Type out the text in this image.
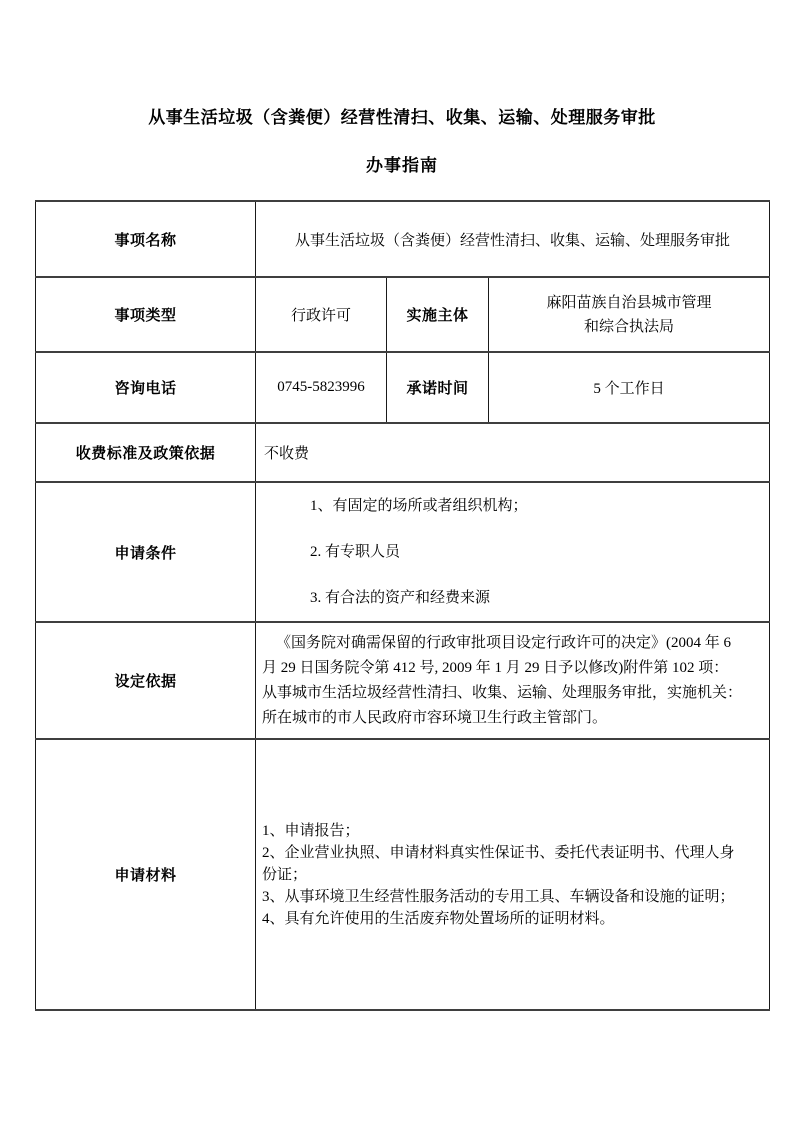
从事生活垃圾（含粪便）经营性清扫、收集、运输、处理服务审批
办事指南
事项名称	从事生活垃圾（含粪便）经营性清扫、收集、运输、处理服务审批		
事项类型	行政许可	实施主体	麻阳苗族自治县城市管理
和综合执法局

咨询电话	0745-5823996	承诺时间	5 个工作日
收费标准及政策依据	不收费		
申请条件	1、有固定的场所或者组织机构；
2. 有专职人员
3. 有合法的资产和经费来源		

设定依据	《国务院对确需保留的行政审批项目设定行政许可的决定》(2004 年 6
月 29 日国务院令第 412 号, 2009 年 1 月 29 日予以修改)附件第 102 项：
从事城市生活垃圾经营性清扫、收集、运输、处理服务审批，实施机关：
所在城市的市人民政府市容环境卫生行政主管部门。		

申请材料	1、申请报告；
2、企业营业执照、申请材料真实性保证书、委托代表证明书、代理人身
份证；
3、从事环境卫生经营性服务活动的专用工具、车辆设备和设施的证明；
4、具有允许使用的生活废弃物处置场所的证明材料。		
